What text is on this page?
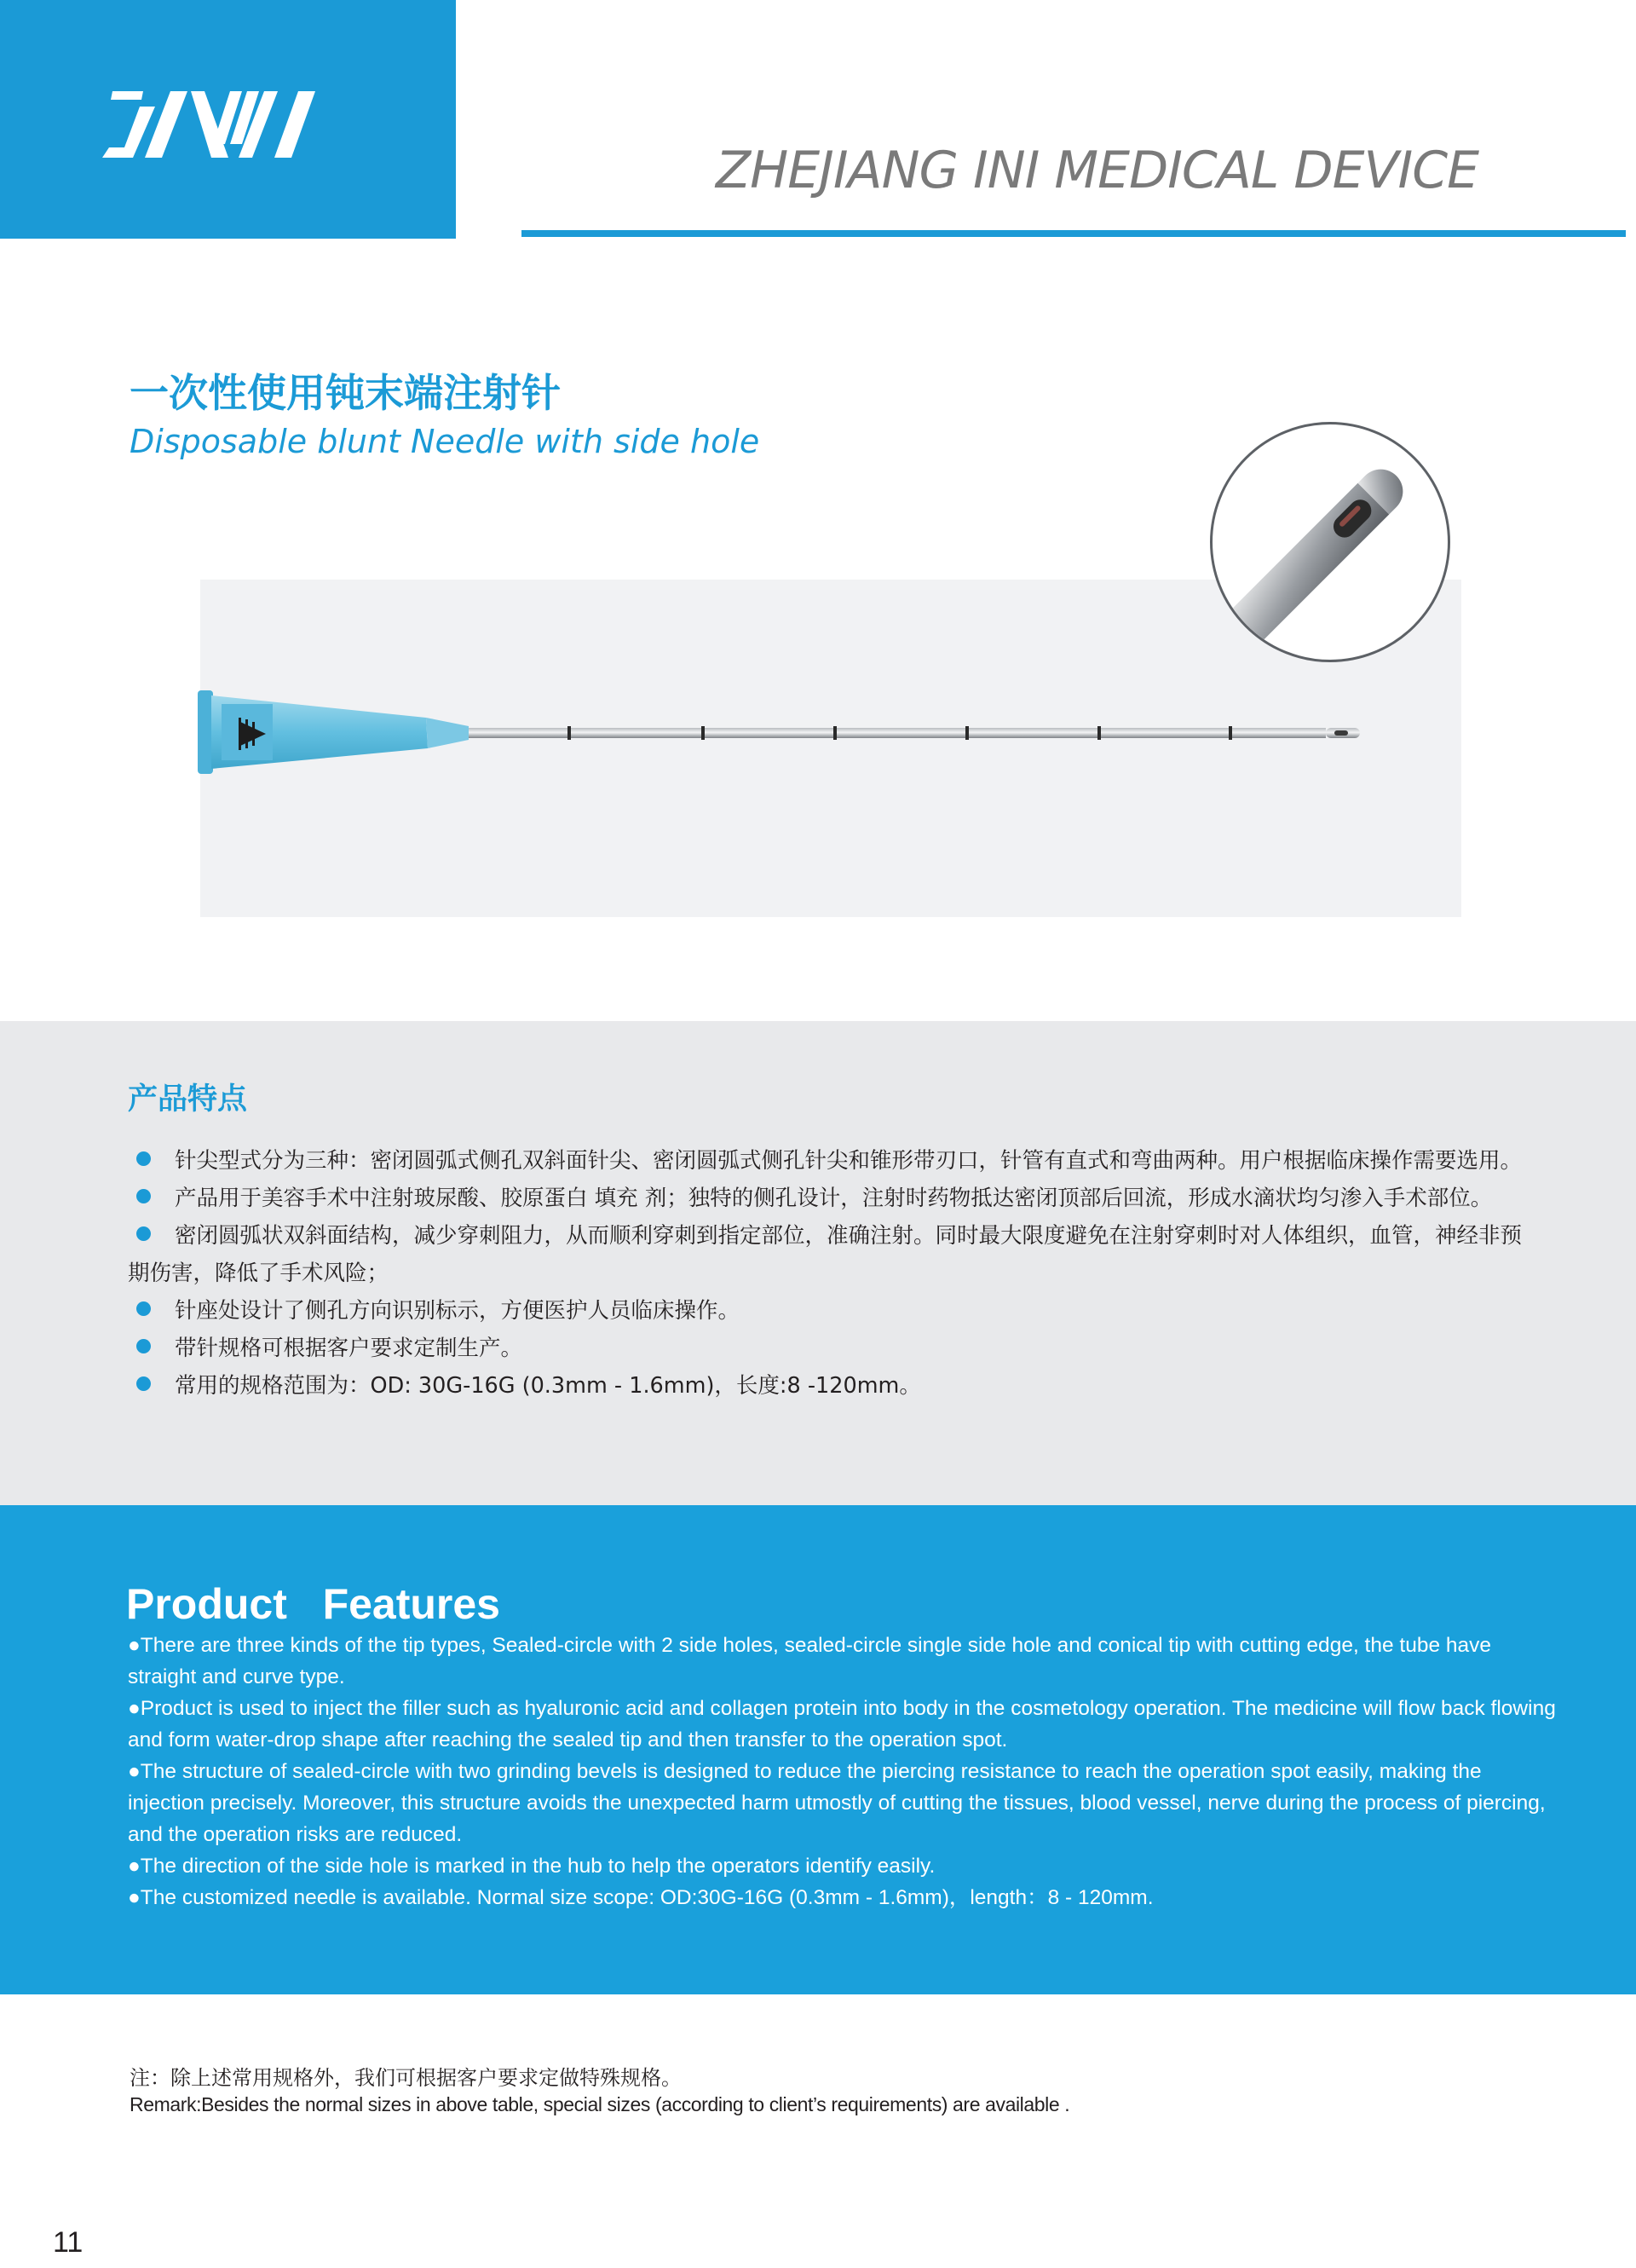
ZHEJIANG INI MEDICAL DEVICE
一次性使用钝末端注射针
Disposable blunt Needle with side hole
产品特点
针尖型式分为三种：密闭圆弧式侧孔双斜面针尖、密闭圆弧式侧孔针尖和锥形带刃口，针管有直式和弯曲两种。用户根据临床操作需要选用。
产品用于美容手术中注射玻尿酸、胶原蛋白 填充 剂；独特的侧孔设计，注射时药物抵达密闭顶部后回流，形成水滴状均匀渗入手术部位。
密闭圆弧状双斜面结构，减少穿刺阻力，从而顺利穿刺到指定部位，准确注射。同时最大限度避免在注射穿刺时对人体组织，血管，神经非预期伤害，降低了手术风险；
针座处设计了侧孔方向识别标示，方便医护人员临床操作。
带针规格可根据客户要求定制生产。
常用的规格范围为：OD: 30G-16G (0.3mm - 1.6mm)，长度:8 -120mm。
Product   Features
●There are three kinds of the tip types, Sealed-circle with 2 side holes, sealed-circle single side hole and conical tip with cutting edge, the tube have straight and curve type.
●Product is used to inject the filler such as hyaluronic acid and collagen protein into body in the cosmetology operation. The medicine will flow back flowing and form water-drop shape after reaching the sealed tip and then transfer to the operation spot.
●The structure of sealed-circle with two grinding bevels is designed to reduce the piercing resistance to reach the operation spot easily, making the injection precisely. Moreover, this structure avoids the unexpected harm utmostly of cutting the tissues, blood vessel, nerve during the process of piercing, and the operation risks are reduced.
●The direction of the side hole is marked in the hub to help the operators identify easily.
●The customized needle is available. Normal size scope: OD:30G-16G (0.3mm - 1.6mm)，length：8 - 120mm.
注：除上述常用规格外，我们可根据客户要求定做特殊规格。
Remark:Besides the normal sizes in above table, special sizes (according to client’s requirements) are available .
11
